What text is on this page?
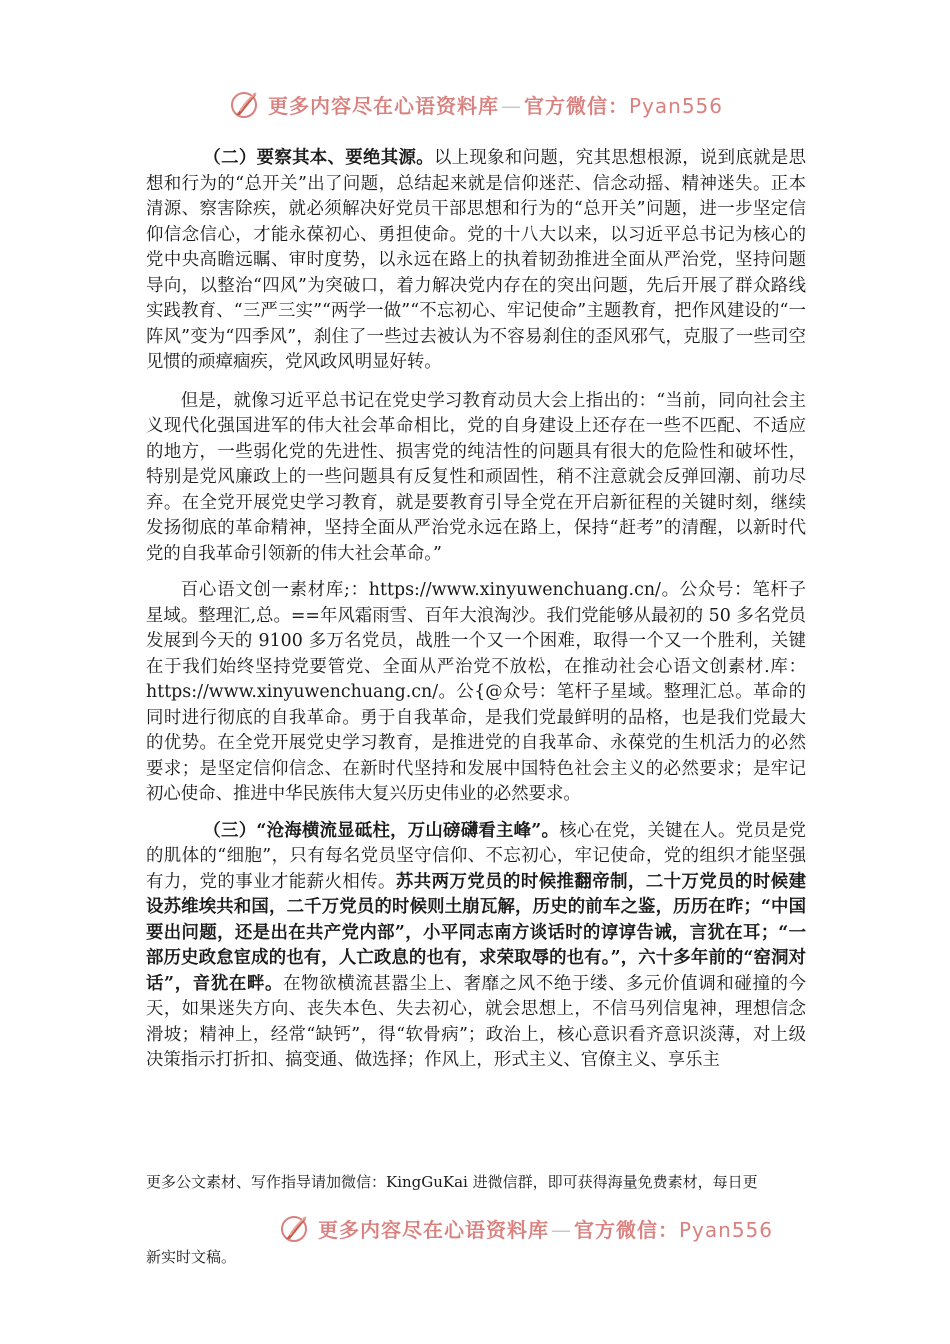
更多内容尽在心语资料库 — 官方微信：Pyan556

（二）要察其本、要绝其源。以上现象和问题，究其思想根源，说到底就是思想和行为的“总开关”出了问题，总结起来就是信仰迷茫、信念动摇、精神迷失。正本清源、察害除疾，就必须解决好党员干部思想和行为的“总开关”问题，进一步坚定信仰信念信心，才能永葆初心、勇担使命。党的十八大以来，以习近平总书记为核心的党中央高瞻远瞩、审时度势，以永远在路上的执着韧劲推进全面从严治党，坚持问题导向，以整治“四风”为突破口，着力解决党内存在的突出问题，先后开展了群众路线实践教育、“三严三实”“两学一做”“不忘初心、牢记使命”主题教育，把作风建设的“一阵风”变为“四季风”，刹住了一些过去被认为不容易刹住的歪风邪气，克服了一些司空见惯的顽瘴痼疾，党风政风明显好转。

但是，就像习近平总书记在党史学习教育动员大会上指出的：“当前，同向社会主义现代化强国进军的伟大社会革命相比，党的自身建设上还存在一些不匹配、不适应的地方，一些弱化党的先进性、损害党的纯洁性的问题具有很大的危险性和破坏性，特别是党风廉政上的一些问题具有反复性和顽固性，稍不注意就会反弹回潮、前功尽弃。在全党开展党史学习教育，就是要教育引导全党在开启新征程的关键时刻，继续发扬彻底的革命精神，坚持全面从严治党永远在路上，保持“赶考”的清醒，以新时代党的自我革命引领新的伟大社会革命。”

百心语文创一素材库;：https://www.xinyuwenchuang.cn/。公众号：笔杆子星域。整理汇,总。==年风霜雨雪、百年大浪淘沙。我们党能够从最初的 50 多名党员发展到今天的 9100 多万名党员，战胜一个又一个困难，取得一个又一个胜利，关键在于我们始终坚持党要管党、全面从严治党不放松，在推动社会心语文创素材.库：https://www.xinyuwenchuang.cn/。公{@众号：笔杆子星域。整理汇总。革命的同时进行彻底的自我革命。勇于自我革命，是我们党最鲜明的品格，也是我们党最大的优势。在全党开展党史学习教育，是推进党的自我革命、永葆党的生机活力的必然要求；是坚定信仰信念、在新时代坚持和发展中国特色社会主义的必然要求；是牢记初心使命、推进中华民族伟大复兴历史伟业的必然要求。

（三）“沧海横流显砥柱，万山磅礴看主峰”。核心在党，关键在人。党员是党的肌体的“细胞”，只有每名党员坚守信仰、不忘初心，牢记使命，党的组织才能坚强有力，党的事业才能薪火相传。苏共两万党员的时候推翻帝制，二十万党员的时候建设苏维埃共和国，二千万党员的时候则土崩瓦解，历史的前车之鉴，历历在昨；“中国要出问题，还是出在共产党内部”，小平同志南方谈话时的谆谆告诫，言犹在耳；“一部历史政怠宦成的也有，人亡政息的也有，求荣取辱的也有。”，六十多年前的“窑洞对话”，音犹在畔。在物欲横流甚嚣尘上、奢靡之风不绝于缕、多元价值调和碰撞的今天，如果迷失方向、丧失本色、失去初心，就会思想上，不信马列信鬼神，理想信念滑坡；精神上，经常“缺钙”，得“软骨病”；政治上，核心意识看齐意识淡薄，对上级决策指示打折扣、搞变通、做选择；作风上，形式主义、官僚主义、享乐主

更多公文素材、写作指导请加微信：KingGuKai 进微信群，即可获得海量免费素材，每日更
更多内容尽在心语资料库 — 官方微信：Pyan556
新实时文稿。
